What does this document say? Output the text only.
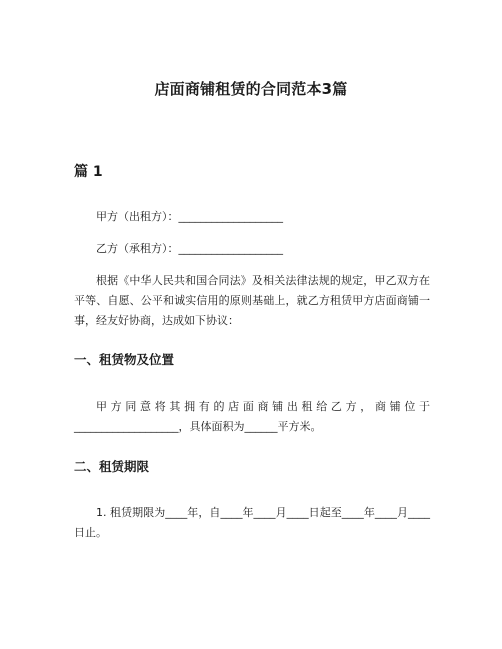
店面商铺租赁的合同范本3篇
篇 1
甲方（出租方）：___________________
乙方（承租方）：___________________

根据《中华人民共和国合同法》及相关法律法规的规定，甲乙双方在平等、自愿、公平和诚实信用的原则基础上，就乙方租赁甲方店面商铺一事，经友好协商，达成如下协议：

一、租赁物及位置

甲方同意将其拥有的店面商铺出租给乙方，商铺位于___________________，具体面积为______平方米。

二、租赁期限

1. 租赁期限为____年，自____年____月____日起至____年____月____日止。
